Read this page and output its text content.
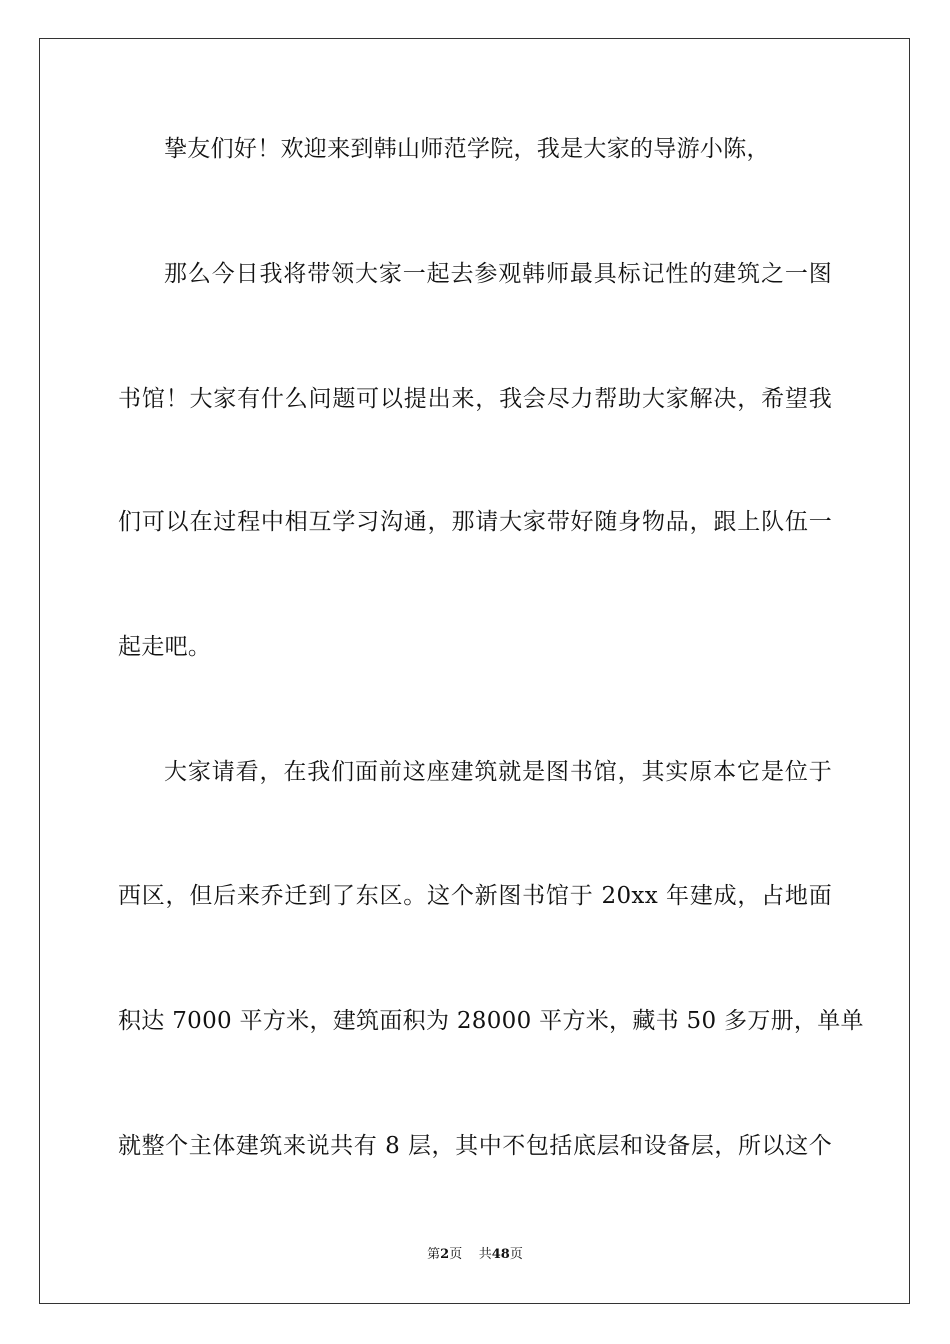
挚友们好！欢迎来到韩山师范学院，我是大家的导游小陈，
那么今日我将带领大家一起去参观韩师最具标记性的建筑之一图
书馆！大家有什么问题可以提出来，我会尽力帮助大家解决，希望我
们可以在过程中相互学习沟通，那请大家带好随身物品，跟上队伍一
起走吧。
大家请看，在我们面前这座建筑就是图书馆，其实原本它是位于
西区，但后来乔迁到了东区。这个新图书馆于 20xx 年建成，占地面
积达 7000 平方米，建筑面积为 28000 平方米，藏书 50 多万册，单单
就整个主体建筑来说共有 8 层，其中不包括底层和设备层，所以这个
第2页 共48页
